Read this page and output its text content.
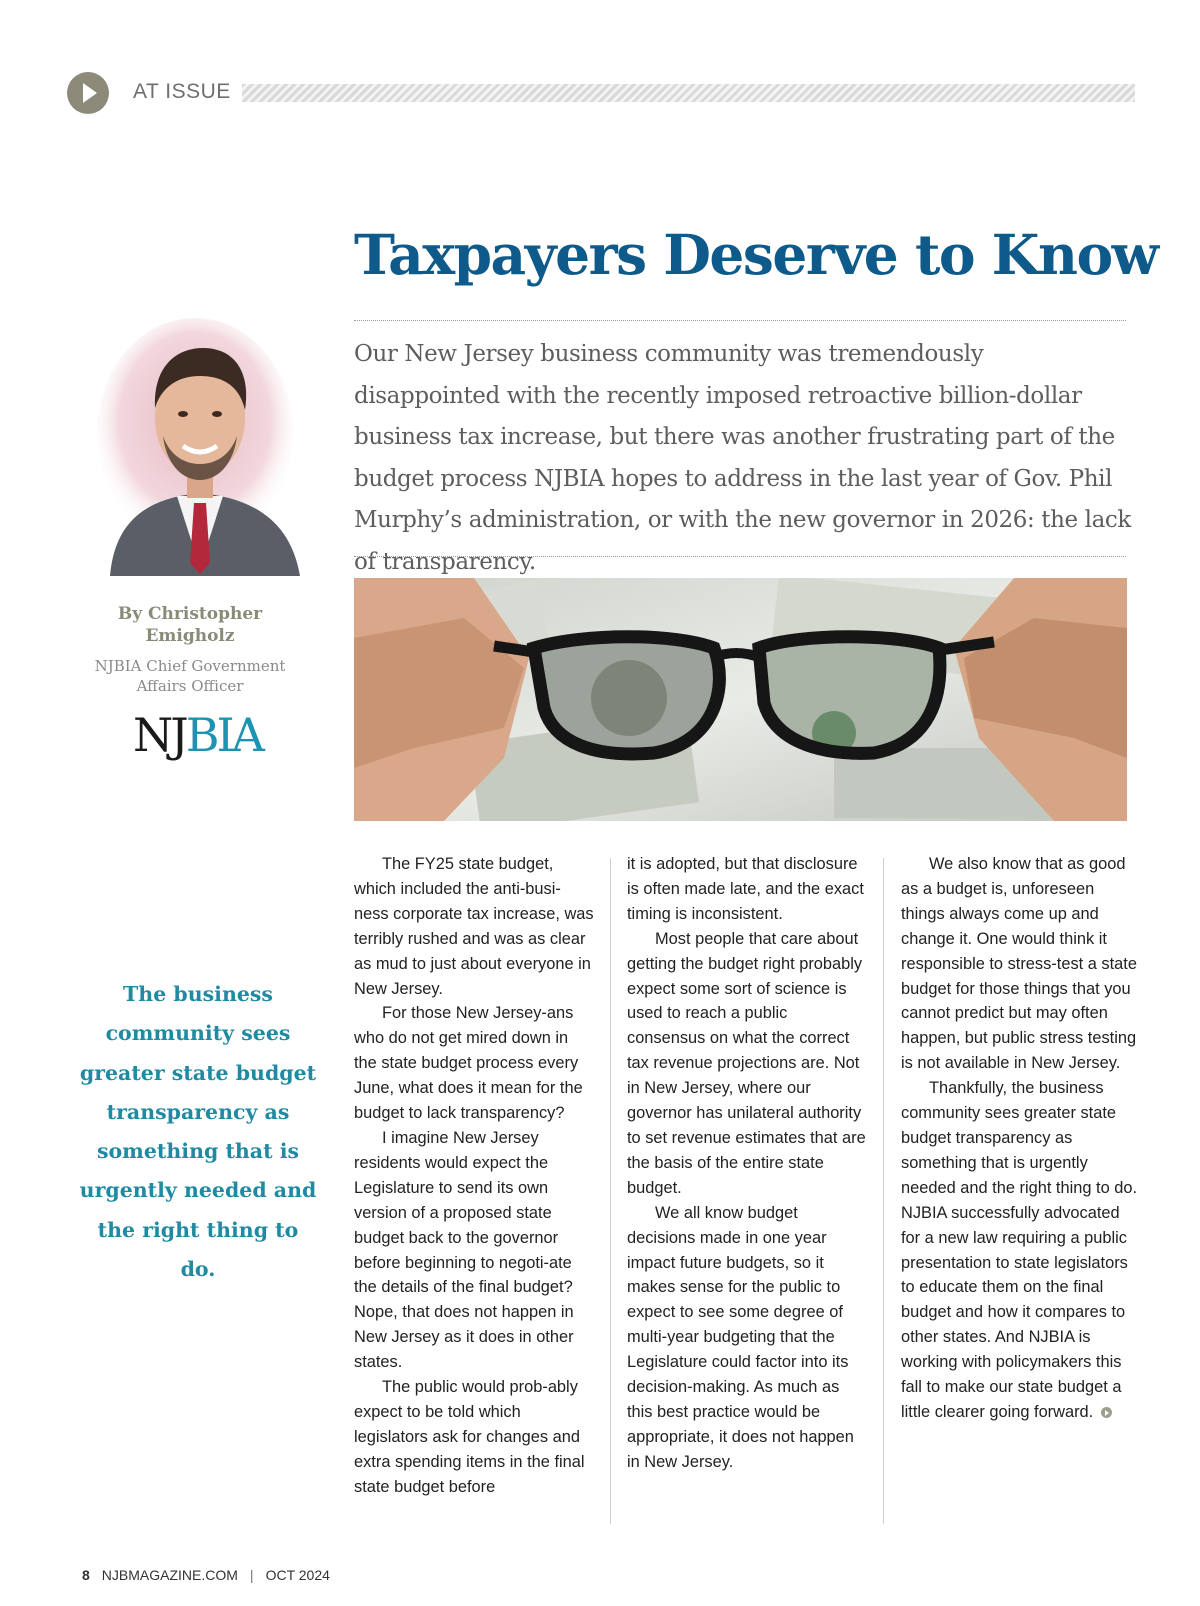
AT ISSUE
Taxpayers Deserve to Know
Our New Jersey business community was tremendously disappointed with the recently imposed retroactive billion-dollar business tax increase, but there was another frustrating part of the budget process NJBIA hopes to address in the last year of Gov. Phil Murphy’s administration, or with the new governor in 2026: the lack of transparency.
By Christopher Emigholz
NJBIA Chief Government Affairs Officer
NJBIA
The business community sees greater state budget transparency as something that is urgently needed and the right thing to do.

The FY25 state budget, which included the anti-busi-ness corporate tax increase, was terribly rushed and was as clear as mud to just about everyone in New Jersey.

For those New Jersey-ans who do not get mired down in the state budget process every June, what does it mean for the budget to lack transparency?

I imagine New Jersey residents would expect the Legislature to send its own version of a proposed state budget back to the governor before beginning to negoti-ate the details of the final budget? Nope, that does not happen in New Jersey as it does in other states.

The public would prob-ably expect to be told which legislators ask for changes and extra spending items in the final state budget before

it is adopted, but that disclosure is often made late, and the exact timing is inconsistent.

Most people that care about getting the budget right probably expect some sort of science is used to reach a public consensus on what the correct tax revenue projections are. Not in New Jersey, where our governor has unilateral authority to set revenue estimates that are the basis of the entire state budget.

We all know budget decisions made in one year impact future budgets, so it makes sense for the public to expect to see some degree of multi-year budgeting that the Legislature could factor into its decision-making. As much as this best practice would be appropriate, it does not happen in New Jersey.

We also know that as good as a budget is, unforeseen things always come up and change it. One would think it responsible to stress-test a state budget for those things that you cannot predict but may often happen, but public stress testing is not available in New Jersey.

Thankfully, the business community sees greater state budget transparency as something that is urgently needed and the right thing to do. NJBIA successfully advocated for a new law requiring a public presentation to state legislators to educate them on the final budget and how it compares to other states. And NJBIA is working with policymakers this fall to make our state budget a little clearer going forward.

8 NJBMAGAZINE.COM | OCT 2024
